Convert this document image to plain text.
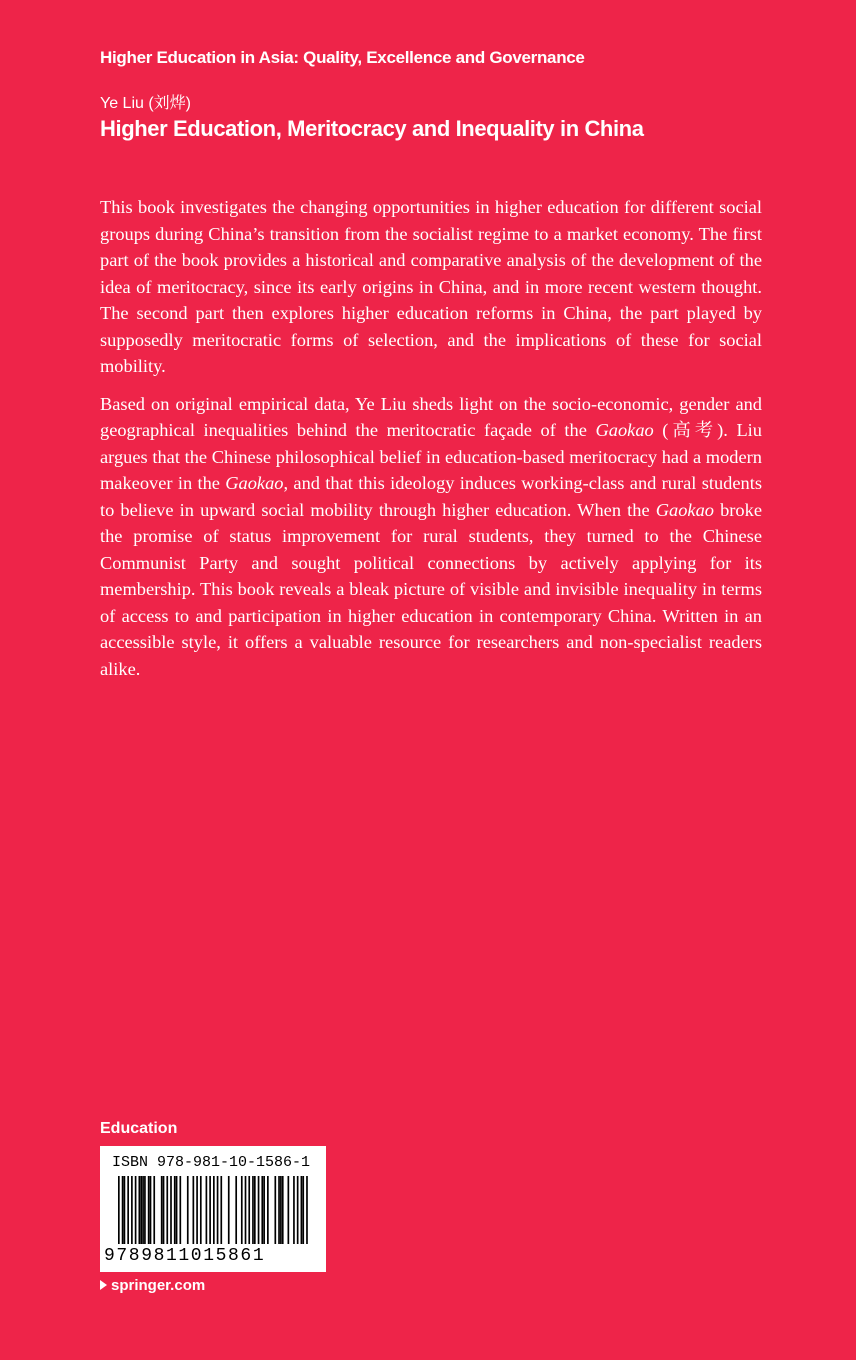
Higher Education in Asia: Quality, Excellence and Governance
Ye Liu (刘烨)
Higher Education, Meritocracy and Inequality in China

This book investigates the changing opportunities in higher education for different social groups during China’s transition from the socialist regime to a market economy. The first part of the book provides a historical and comparative analysis of the development of the idea of meritocracy, since its early origins in China, and in more recent western thought. The second part then explores higher education reforms in China, the part played by supposedly meritocratic forms of selection, and the implications of these for social mobility.

Based on original empirical data, Ye Liu sheds light on the socio-economic, gender and geographical inequalities behind the meritocratic façade of the Gaokao (高考). Liu argues that the Chinese philosophical belief in education-based meritocracy had a modern makeover in the Gaokao, and that this ideology induces working-class and rural students to believe in upward social mobility through higher education. When the Gaokao broke the promise of status improvement for rural students, they turned to the Chinese Communist Party and sought political connections by actively applying for its membership. This book reveals a bleak picture of visible and invisible inequality in terms of access to and participation in higher education in contemporary China. Written in an accessible style, it offers a valuable resource for researchers and non-specialist readers alike.

Education
ISBN 978-981-10-1586-1
9789811015861
springer.com
